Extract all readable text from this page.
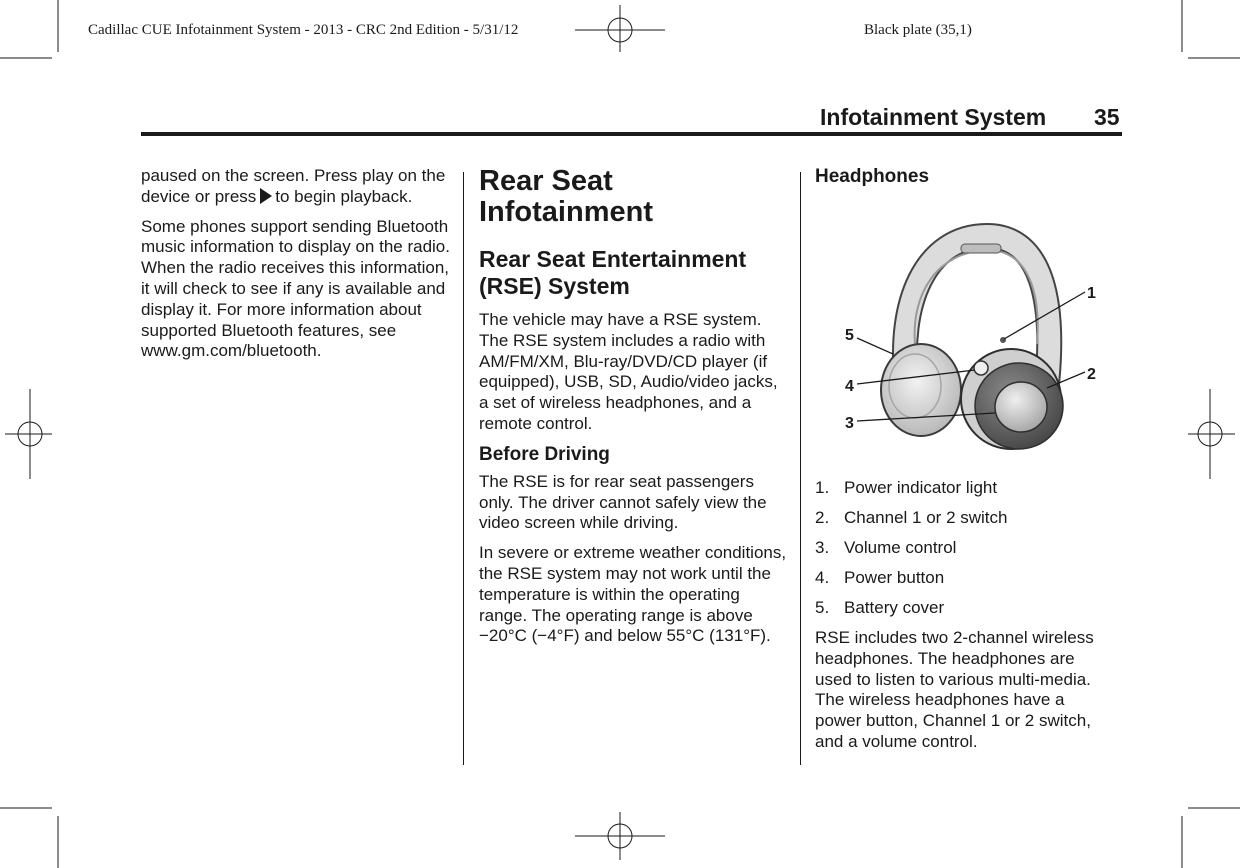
Cadillac CUE Infotainment System - 2013 - CRC 2nd Edition - 5/31/12	Black plate (35,1)
Infotainment System 35

paused on the screen. Press play on the device or press to begin playback.

Some phones support sending Bluetooth music information to display on the radio. When the radio receives this information, it will check to see if any is available and display it. For more information about supported Bluetooth features, see www.gm.com/bluetooth.

Rear Seat Infotainment
Rear Seat Entertainment (RSE) System

The vehicle may have a RSE system. The RSE system includes a radio with AM/FM/XM, Blu-ray/DVD/CD player (if equipped), USB, SD, Audio/video jacks, a set of wireless headphones, and a remote control.

Before Driving

The RSE is for rear seat passengers only. The driver cannot safely view the video screen while driving.

In severe or extreme weather conditions, the RSE system may not work until the temperature is within the operating range. The operating range is above −20°C (−4°F) and below 55°C (131°F).

Headphones
1
2
3
4
5
1. Power indicator light
2. Channel 1 or 2 switch
3. Volume control
4. Power button
5. Battery cover

RSE includes two 2-channel wireless headphones. The headphones are used to listen to various multi-media. The wireless headphones have a power button, Channel 1 or 2 switch, and a volume control.
